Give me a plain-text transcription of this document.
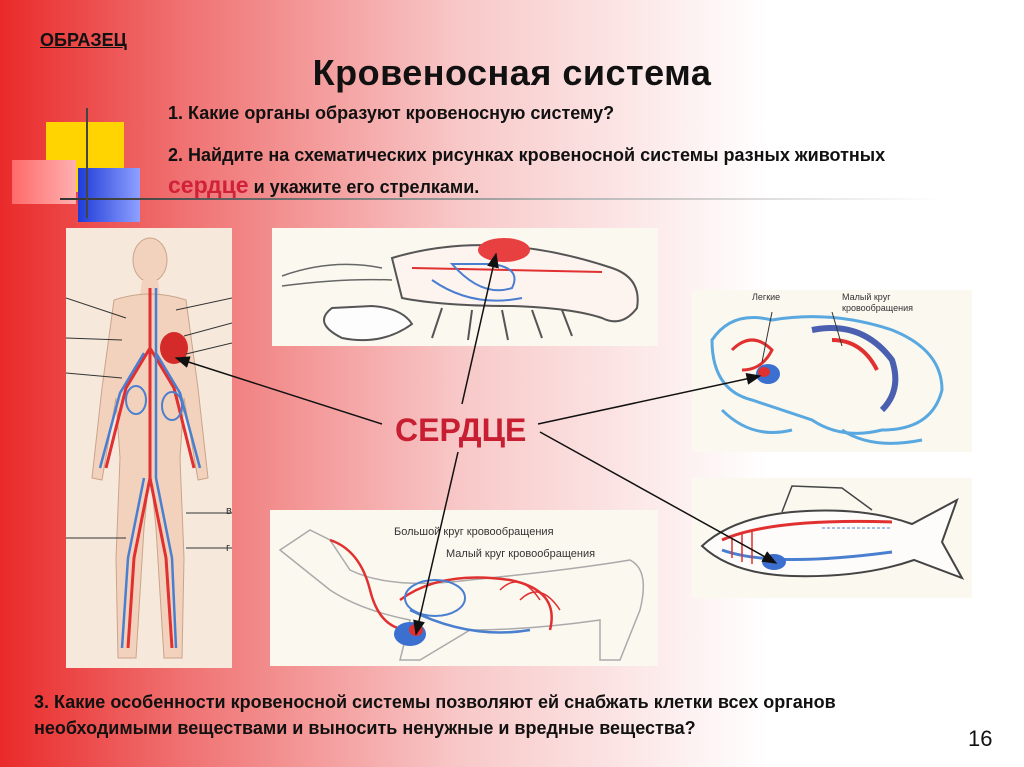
ОБРАЗЕЦ
Кровеносная система
1. Какие органы образуют кровеносную систему?
2. Найдите на схематических рисунках кровеносной системы разных животных сердце и укажите его стрелками.
в
г
Легкие	Малый круг кровообращения
Большой круг кровообращения
Малый круг кровообращения
СЕРДЦЕ
3. Какие особенности кровеносной системы позволяют ей снабжать клетки всех органов необходимыми веществами и выносить ненужные и вредные вещества?	16
